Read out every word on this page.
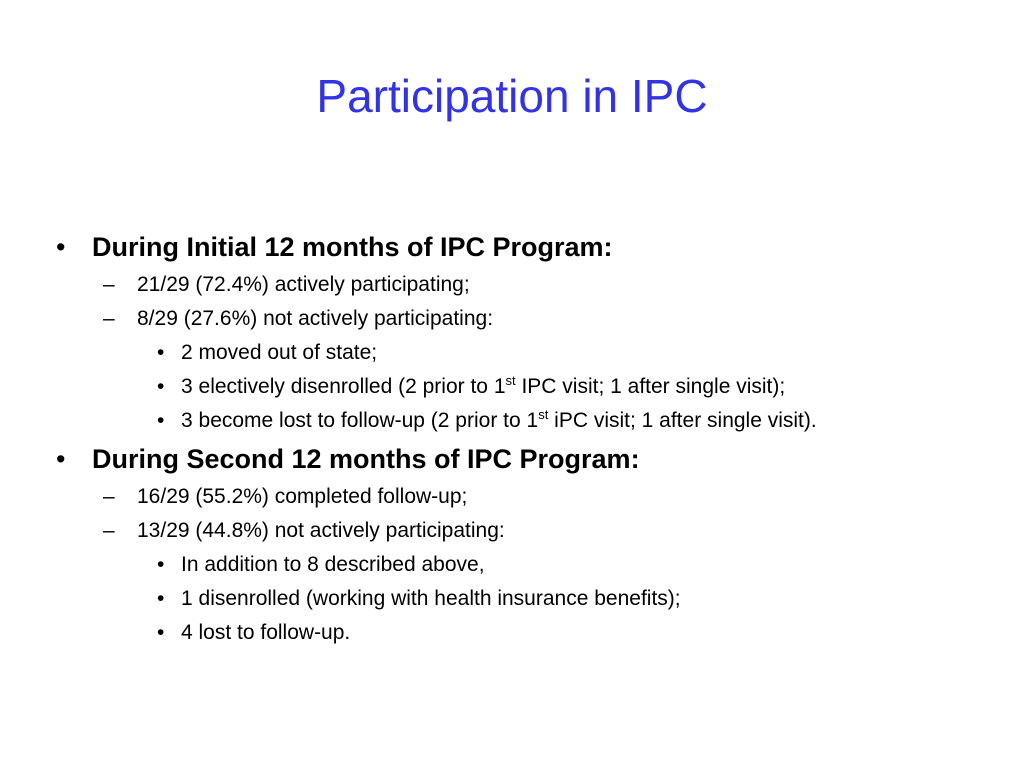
Participation in IPC
• During Initial 12 months of IPC Program:
– 21/29 (72.4%) actively participating;
– 8/29 (27.6%) not actively participating:
• 2 moved out of state;
• 3 electively disenrolled (2 prior to 1st IPC visit; 1 after single visit);
• 3 become lost to follow-up (2 prior to 1st iPC visit; 1 after single visit).
• During Second 12 months of IPC Program:
– 16/29 (55.2%) completed follow-up;
– 13/29 (44.8%) not actively participating:
• In addition to 8 described above,
• 1 disenrolled (working with health insurance benefits);
• 4 lost to follow-up.
